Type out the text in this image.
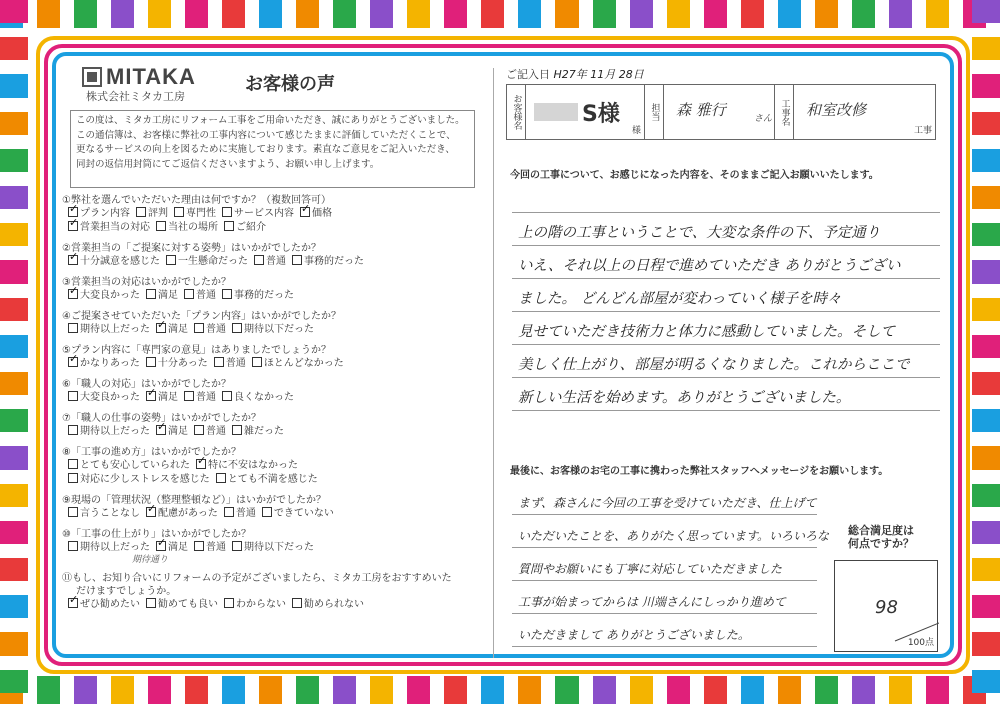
MITAKA
株式会社ミタカ工房
お客様の声
この度は、ミタカ工房にリフォーム工事をご用命いただき、誠にありがとうございました。
この通信簿は、お客様に弊社の工事内容について感じたままに評価していただくことで、
更なるサービスの向上を図るために実施しております。素直なご意見をご記入いただき、
同封の返信用封筒にてご返信くださいますよう、お願い申し上げます。
①弊社を選んでいただいた理由は何ですか？（複数回答可）
✓プラン内容 評判 専門性 サービス内容 ✓ 価格
✓営業担当の対応 当社の場所 ご紹介
②営業担当の「ご提案に対する姿勢」はいかがでしたか？
✓十分誠意を感じた 一生懸命だった 普通 事務的だった
③営業担当の対応はいかがでしたか？
✓大変良かった 満足 普通 事務的だった
④ご提案させていただいた「プラン内容」はいかがでしたか？
期待以上だった ✓ 満足 普通 期待以下だった
⑤プラン内容に「専門家の意見」はありましたでしょうか？
✓かなりあった 十分あった 普通 ほとんどなかった
⑥「職人の対応」はいかがでしたか？
大変良かった ✓ 満足 普通 良くなかった
⑦「職人の仕事の姿勢」はいかがでしたか？
期待以上だった ✓ 満足 普通 雑だった
⑧「工事の進め方」はいかがでしたか？
とても安心していられた ✓ 特に不安はなかった
対応に少しストレスを感じた とても不満を感じた
⑨現場の「管理状況（整理整頓など）」はいかがでしたか？
言うことなし ✓ 配慮があった 普通 できていない
⑩「工事の仕上がり」はいかがでしたか？
期待以上だった ✓ 満足 普通 期待以下だった
期待通り
⑪もし、お知り合いにリフォームの予定がございましたら、ミタカ工房をおすすめいた
だけますでしょうか。
✓ぜひ勧めたい 勧めても良い わからない 勧められない
ご記入日 H27年 11月 28日
お客様名	S様
様
担当	森 雅行	さん 工事名	和室改修
工事
今回の工事について、お感じになった内容を、そのままご記入お願いいたします。
上の階の工事ということで、大変な条件の下、予定通り
いえ、それ以上の日程で進めていただき ありがとうござい
ました。 どんどん部屋が変わっていく様子を時々
見せていただき技術力と体力に感動していました。そして
美しく仕上がり、部屋が明るくなりました。これからここで
新しい生活を始めます。ありがとうございました。
最後に、お客様のお宅の工事に携わった弊社スタッフへメッセージをお願いします。
まず、森さんに今回の工事を受けていただき、仕上げて
いただいたことを、ありがたく思っています。いろいろな
質問やお願いにも丁寧に対応していただきました
工事が始まってからは 川端さんにしっかり進めて
いただきまして ありがとうございました。
総合満足度は
何点ですか？
98
100点
